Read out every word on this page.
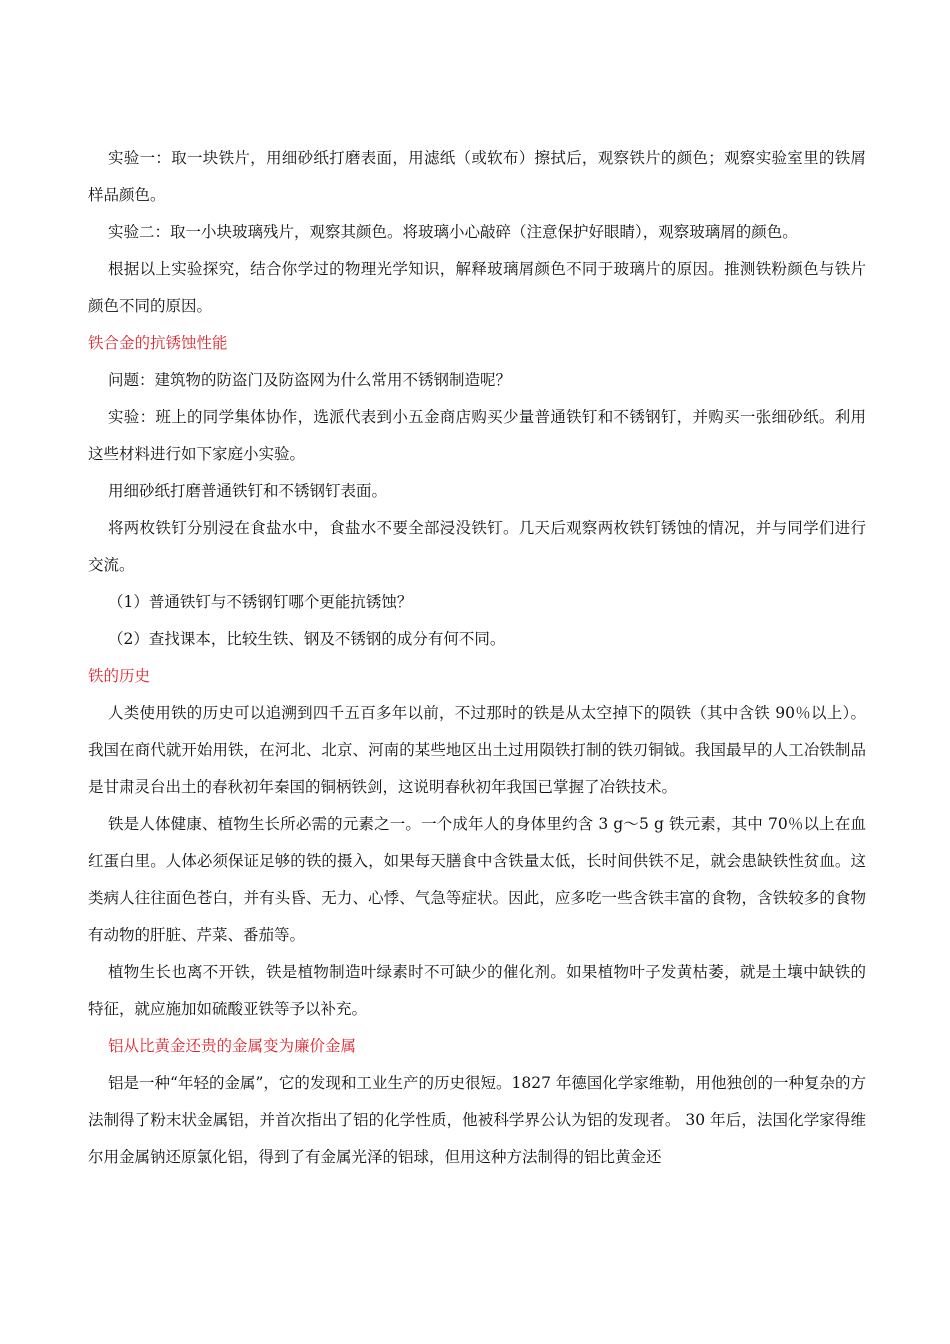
实验一：取一块铁片，用细砂纸打磨表面，用滤纸（或软布）擦拭后，观察铁片的颜色；观察实验室里的铁屑样品颜色。

实验二：取一小块玻璃残片，观察其颜色。将玻璃小心敲碎（注意保护好眼睛），观察玻璃屑的颜色。

根据以上实验探究，结合你学过的物理光学知识，解释玻璃屑颜色不同于玻璃片的原因。推测铁粉颜色与铁片颜色不同的原因。

铁合金的抗锈蚀性能

问题：建筑物的防盗门及防盗网为什么常用不锈钢制造呢？

实验：班上的同学集体协作，选派代表到小五金商店购买少量普通铁钉和不锈钢钉，并购买一张细砂纸。利用这些材料进行如下家庭小实验。

用细砂纸打磨普通铁钉和不锈钢钉表面。

将两枚铁钉分别浸在食盐水中，食盐水不要全部浸没铁钉。几天后观察两枚铁钉锈蚀的情况，并与同学们进行交流。

（1）普通铁钉与不锈钢钉哪个更能抗锈蚀？

（2）查找课本，比较生铁、钢及不锈钢的成分有何不同。

铁的历史

人类使用铁的历史可以追溯到四千五百多年以前，不过那时的铁是从太空掉下的陨铁（其中含铁 90％以上）。我国在商代就开始用铁，在河北、北京、河南的某些地区出土过用陨铁打制的铁刃铜钺。我国最早的人工冶铁制品是甘肃灵台出土的春秋初年秦国的铜柄铁剑，这说明春秋初年我国已掌握了冶铁技术。

铁是人体健康、植物生长所必需的元素之一。一个成年人的身体里约含 3 g～5 g 铁元素，其中 70％以上在血红蛋白里。人体必须保证足够的铁的摄入，如果每天膳食中含铁量太低，长时间供铁不足，就会患缺铁性贫血。这类病人往往面色苍白，并有头昏、无力、心悸、气急等症状。因此，应多吃一些含铁丰富的食物，含铁较多的食物有动物的肝脏、芹菜、番茄等。

植物生长也离不开铁，铁是植物制造叶绿素时不可缺少的催化剂。如果植物叶子发黄枯萎，就是土壤中缺铁的特征，就应施加如硫酸亚铁等予以补充。

铝从比黄金还贵的金属变为廉价金属

铝是一种“年轻的金属”，它的发现和工业生产的历史很短。1827 年德国化学家维勒，用他独创的一种复杂的方法制得了粉末状金属铝，并首次指出了铝的化学性质，他被科学界公认为铝的发现者。 30 年后，法国化学家得维尔用金属钠还原氯化铝，得到了有金属光泽的铝球，但用这种方法制得的铝比黄金还
